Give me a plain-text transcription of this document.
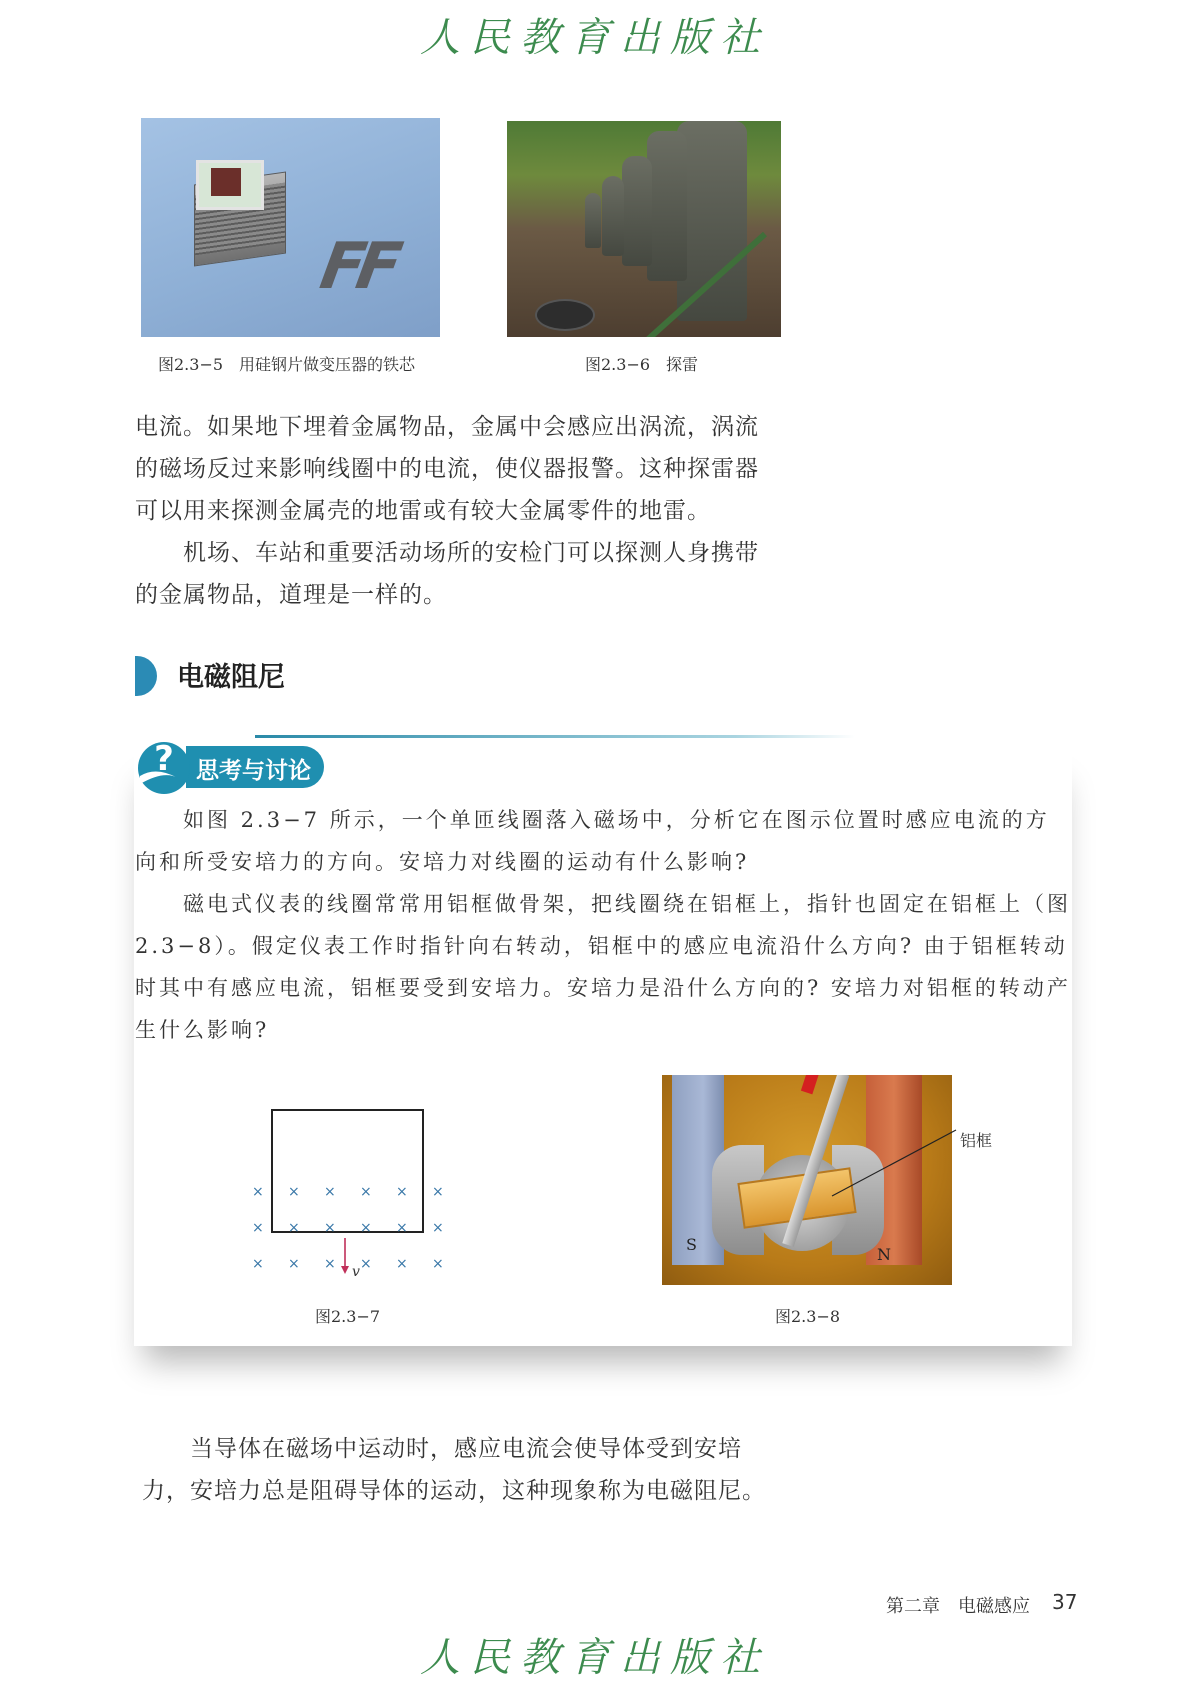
人民教育出版社
FF
图2.3−5　用硅钢片做变压器的铁芯	图2.3−6　探雷

电流。如果地下埋着金属物品，金属中会感应出涡流，涡流的磁场反过来影响线圈中的电流，使仪器报警。这种探雷器可以用来探测金属壳的地雷或有较大金属零件的地雷。

机场、车站和重要活动场所的安检门可以探测人身携带的金属物品，道理是一样的。

电磁阻尼
? 思考与讨论

如图 2.3−7 所示，一个单匝线圈落入磁场中，分析它在图示位置时感应电流的方向和所受安培力的方向。安培力对线圈的运动有什么影响?

磁电式仪表的线圈常常用铝框做骨架，把线圈绕在铝框上，指针也固定在铝框上（图 2.3−8）。假定仪表工作时指针向右转动，铝框中的感应电流沿什么方向? 由于铝框转动时其中有感应电流，铝框要受到安培力。安培力是沿什么方向的? 安培力对铝框的转动产生什么影响?

× × × × × ×
× × × × × ×
× × × × × ×
v
图2.3−7
S
N
铝框
图2.3−8

当导体在磁场中运动时，感应电流会使导体受到安培力，安培力总是阻碍导体的运动，这种现象称为电磁阻尼。

第二章　电磁感应 37
人民教育出版社
